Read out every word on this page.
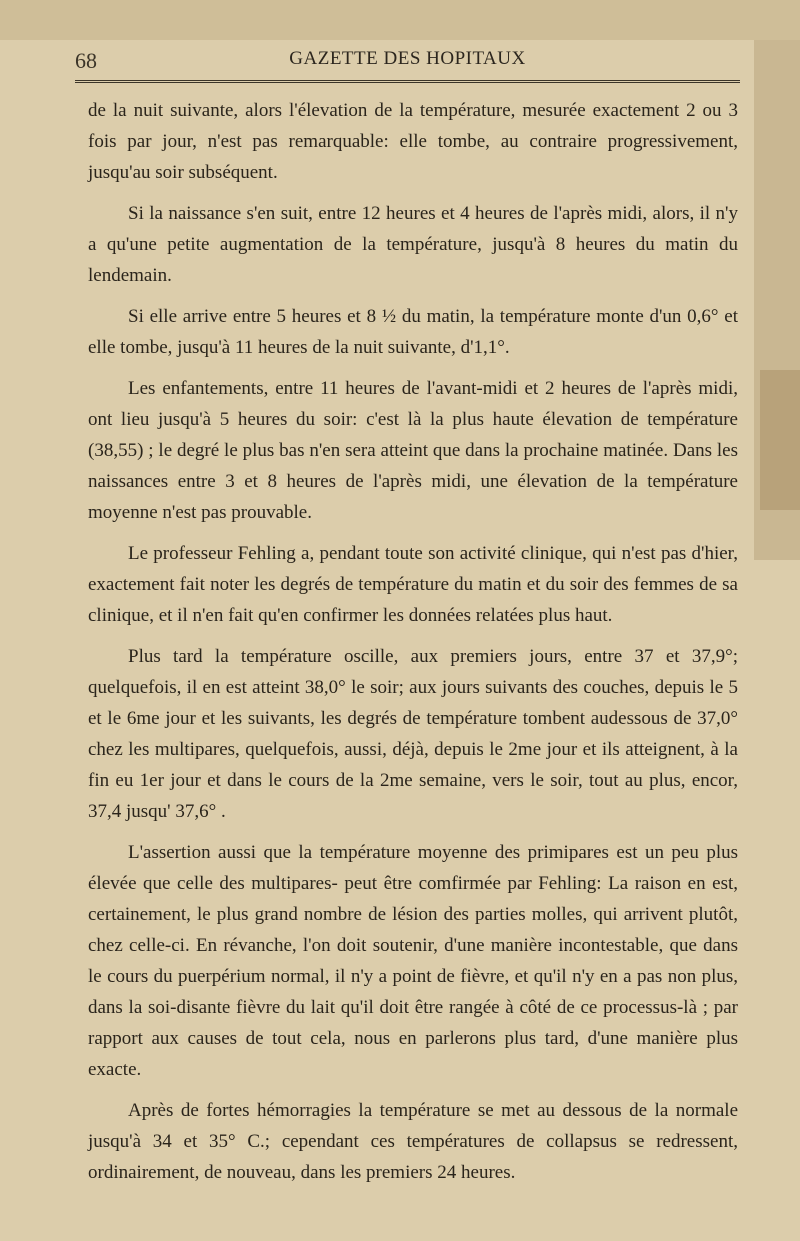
68	GAZETTE DES HOPITAUX

de la nuit suivante, alors l'élevation de la température, mesurée exactement 2 ou 3 fois par jour, n'est pas remarquable: elle tombe, au contraire progressivement, jusqu'au soir subséquent.

Si la naissance s'en suit, entre 12 heures et 4 heures de l'après midi, alors, il n'y a qu'une petite augmentation de la température, jusqu'à 8 heures du matin du lendemain.

Si elle arrive entre 5 heures et 8 ½ du matin, la température monte d'un 0,6° et elle tombe, jusqu'à 11 heures de la nuit suivante, d'1,1°.

Les enfantements, entre 11 heures de l'avant-midi et 2 heures de l'après midi, ont lieu jusqu'à 5 heures du soir: c'est là la plus haute élevation de température (38,55) ; le degré le plus bas n'en sera atteint que dans la prochaine matinée. Dans les naissances entre 3 et 8 heures de l'après midi, une élevation de la température moyenne n'est pas prouvable.

Le professeur Fehling a, pendant toute son activité clinique, qui n'est pas d'hier, exactement fait noter les degrés de température du matin et du soir des femmes de sa clinique, et il n'en fait qu'en confirmer les données relatées plus haut.

Plus tard la température oscille, aux premiers jours, entre 37 et 37,9°; quelquefois, il en est atteint 38,0° le soir; aux jours suivants des couches, depuis le 5 et le 6me jour et les suivants, les degrés de température tombent audessous de 37,0° chez les multipares, quelquefois, aussi, déjà, depuis le 2me jour et ils atteignent, à la fin eu 1er jour et dans le cours de la 2me semaine, vers le soir, tout au plus, encor, 37,4 jusqu' 37,6° .

L'assertion aussi que la température moyenne des primipares est un peu plus élevée que celle des multipares- peut être comfirmée par Fehling: La raison en est, certainement, le plus grand nombre de lésion des parties molles, qui arrivent plutôt, chez celle-ci. En révanche, l'on doit soutenir, d'une manière incontestable, que dans le cours du puerpérium normal, il n'y a point de fièvre, et qu'il n'y en a pas non plus, dans la soi-disante fièvre du lait qu'il doit être rangée à côté de ce processus-là ; par rapport aux causes de tout cela, nous en parlerons plus tard, d'une manière plus exacte.

Après de fortes hémorragies la température se met au dessous de la normale jusqu'à 34 et 35° C.; cependant ces températures de collapsus se redressent, ordinairement, de nouveau, dans les premiers 24 heures.
